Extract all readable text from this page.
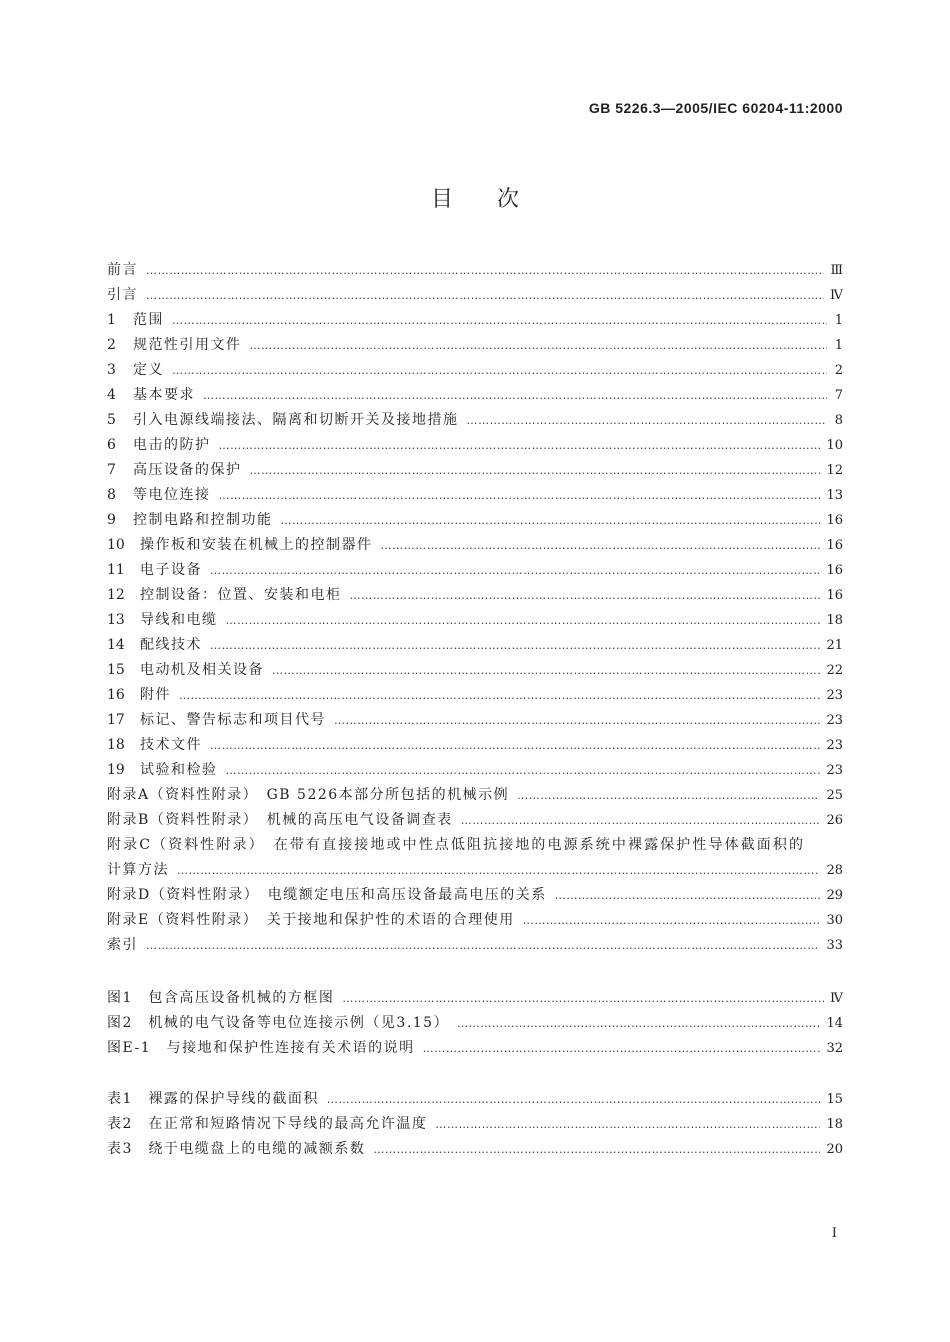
GB 5226.3—2005/IEC 60204-11:2000
目　　次
前言 ……………………………………………………………………………………………………………………………………………………………………………………………………………	Ⅲ
引言 ……………………………………………………………………………………………………………………………………………………………………………………………………………	Ⅳ
1 范围 ……………………………………………………………………………………………………………………………………………………………………………………………………………	1
2 规范性引用文件 ……………………………………………………………………………………………………………………………………………………………………………………………………………	1
3 定义 ……………………………………………………………………………………………………………………………………………………………………………………………………………	2
4 基本要求 ……………………………………………………………………………………………………………………………………………………………………………………………………………	7
5 引入电源线端接法、隔离和切断开关及接地措施 ……………………………………………………………………………………………………………………………………………………………………………………………………………	8
6 电击的防护 ……………………………………………………………………………………………………………………………………………………………………………………………………………	10
7 高压设备的保护 ……………………………………………………………………………………………………………………………………………………………………………………………………………	12
8 等电位连接 ……………………………………………………………………………………………………………………………………………………………………………………………………………	13
9 控制电路和控制功能 ……………………………………………………………………………………………………………………………………………………………………………………………………………	16
10 操作板和安装在机械上的控制器件 ……………………………………………………………………………………………………………………………………………………………………………………………………………	16
11 电子设备 ……………………………………………………………………………………………………………………………………………………………………………………………………………	16
12 控制设备：位置、安装和电柜 ……………………………………………………………………………………………………………………………………………………………………………………………………………	16
13 导线和电缆 ……………………………………………………………………………………………………………………………………………………………………………………………………………	18
14 配线技术 ……………………………………………………………………………………………………………………………………………………………………………………………………………	21
15 电动机及相关设备 ……………………………………………………………………………………………………………………………………………………………………………………………………………	22
16 附件 ……………………………………………………………………………………………………………………………………………………………………………………………………………	23
17 标记、警告标志和项目代号 ……………………………………………………………………………………………………………………………………………………………………………………………………………	23
18 技术文件 ……………………………………………………………………………………………………………………………………………………………………………………………………………	23
19 试验和检验 ……………………………………………………………………………………………………………………………………………………………………………………………………………	23
附录A（资料性附录）　GB 5226本部分所包括的机械示例 ……………………………………………………………………………………………………………………………………………………………………………………………………………	25
附录B（资料性附录）　机械的高压电气设备调查表 ……………………………………………………………………………………………………………………………………………………………………………………………………………	26
附录C（资料性附录）　在带有直接接地或中性点低阻抗接地的电源系统中裸露保护性导体截面积的
计算方法 ……………………………………………………………………………………………………………………………………………………………………………………………………………	28
附录D（资料性附录）　电缆额定电压和高压设备最高电压的关系 ……………………………………………………………………………………………………………………………………………………………………………………………………………	29
附录E（资料性附录）　关于接地和保护性的术语的合理使用 ……………………………………………………………………………………………………………………………………………………………………………………………………………	30
索引 ……………………………………………………………………………………………………………………………………………………………………………………………………………	33
图1　包含高压设备机械的方框图 ……………………………………………………………………………………………………………………………………………………………………………………………………………	Ⅳ
图2　机械的电气设备等电位连接示例（见3.15） ……………………………………………………………………………………………………………………………………………………………………………………………………………	14
图E-1　与接地和保护性连接有关术语的说明 ……………………………………………………………………………………………………………………………………………………………………………………………………………	32
表1　裸露的保护导线的截面积 ……………………………………………………………………………………………………………………………………………………………………………………………………………	15
表2　在正常和短路情况下导线的最高允许温度 ……………………………………………………………………………………………………………………………………………………………………………………………………………	18
表3　绕于电缆盘上的电缆的减额系数 ……………………………………………………………………………………………………………………………………………………………………………………………………………	20
Ⅰ
